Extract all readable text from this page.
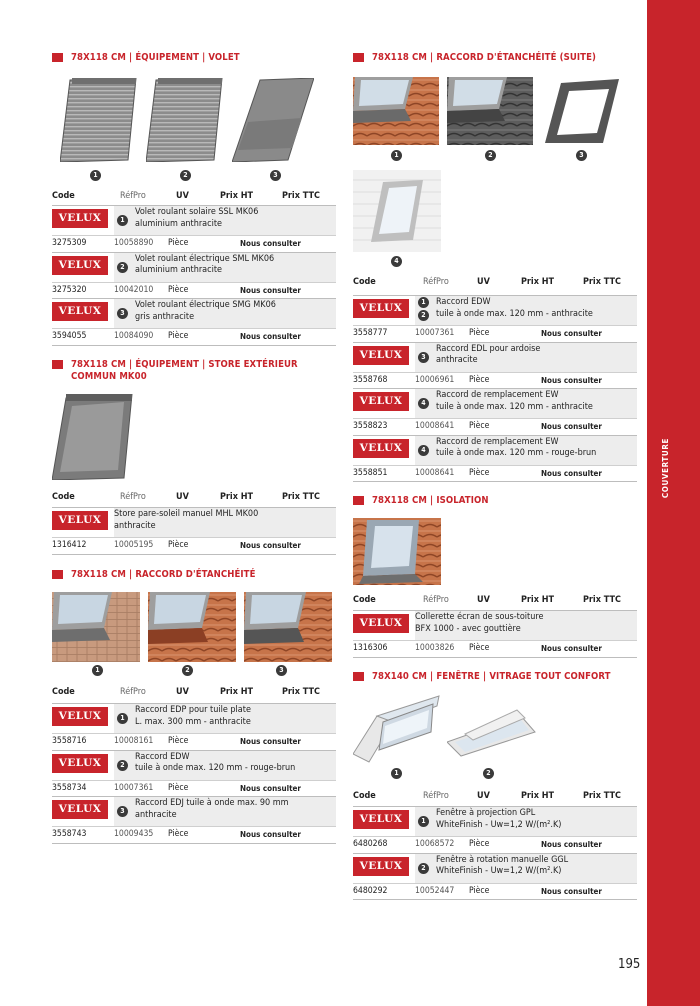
78X118 CM | ÉQUIPEMENT | VOLET
1	2	3
Code	RéfPro	UV	Prix HT	Prix TTC
VELUX	1
Volet roulant solaire SSL MK06
aluminium anthracite
3275309	10058890 Pièce	Nous consulter
VELUX	2
Volet roulant électrique SML MK06
aluminium anthracite
3275320	10042010 Pièce	Nous consulter
VELUX	3
Volet roulant électrique SMG MK06
gris anthracite
3594055	10084090 Pièce	Nous consulter
78X118 CM | ÉQUIPEMENT | STORE EXTÉRIEUR COMMUN MK00
Code	RéfPro	UV	Prix HT	Prix TTC
VELUX	Store pare-soleil manuel MHL MK00
anthracite
1316412	10005195 Pièce	Nous consulter
78X118 CM | RACCORD D'ÉTANCHÉITÉ
1	2	3
Code	RéfPro	UV	Prix HT	Prix TTC
VELUX	1
Raccord EDP pour tuile plate
L. max. 300 mm - anthracite
3558716	10008161 Pièce	Nous consulter
VELUX	2
Raccord EDW
tuile à onde max. 120 mm - rouge-brun
3558734	10007361 Pièce	Nous consulter
VELUX	3
Raccord EDJ tuile à onde max. 90 mm
anthracite
3558743	10009435 Pièce	Nous consulter
78X118 CM | RACCORD D'ÉTANCHÉITÉ (SUITE)
1	2	3
4
Code	RéfPro	UV	Prix HT	Prix TTC
VELUX	1
2
Raccord EDW
tuile à onde max. 120 mm - anthracite
3558777	10007361 Pièce	Nous consulter
VELUX	3
Raccord EDL pour ardoise
anthracite
3558768	10006961 Pièce	Nous consulter
VELUX	4
Raccord de remplacement EW
tuile à onde max. 120 mm - anthracite
3558823	10008641 Pièce	Nous consulter
VELUX	4
Raccord de remplacement EW
tuile à onde max. 120 mm - rouge-brun
3558851	10008641 Pièce	Nous consulter
78X118 CM | ISOLATION
Code	RéfPro	UV	Prix HT	Prix TTC
VELUX	Collerette écran de sous-toiture
BFX 1000 - avec gouttière
1316306	10003826 Pièce	Nous consulter
78X140 CM | FENÊTRE | VITRAGE TOUT CONFORT
1	2
Code	RéfPro	UV	Prix HT	Prix TTC
VELUX	1
Fenêtre à projection GPL
WhiteFinish - Uw=1,2 W/(m².K)
6480268	10068572 Pièce	Nous consulter
VELUX	2
Fenêtre à rotation manuelle GGL
WhiteFinish - Uw=1,2 W/(m².K)
6480292	10052447 Pièce	Nous consulter
COUVERTURE
195
